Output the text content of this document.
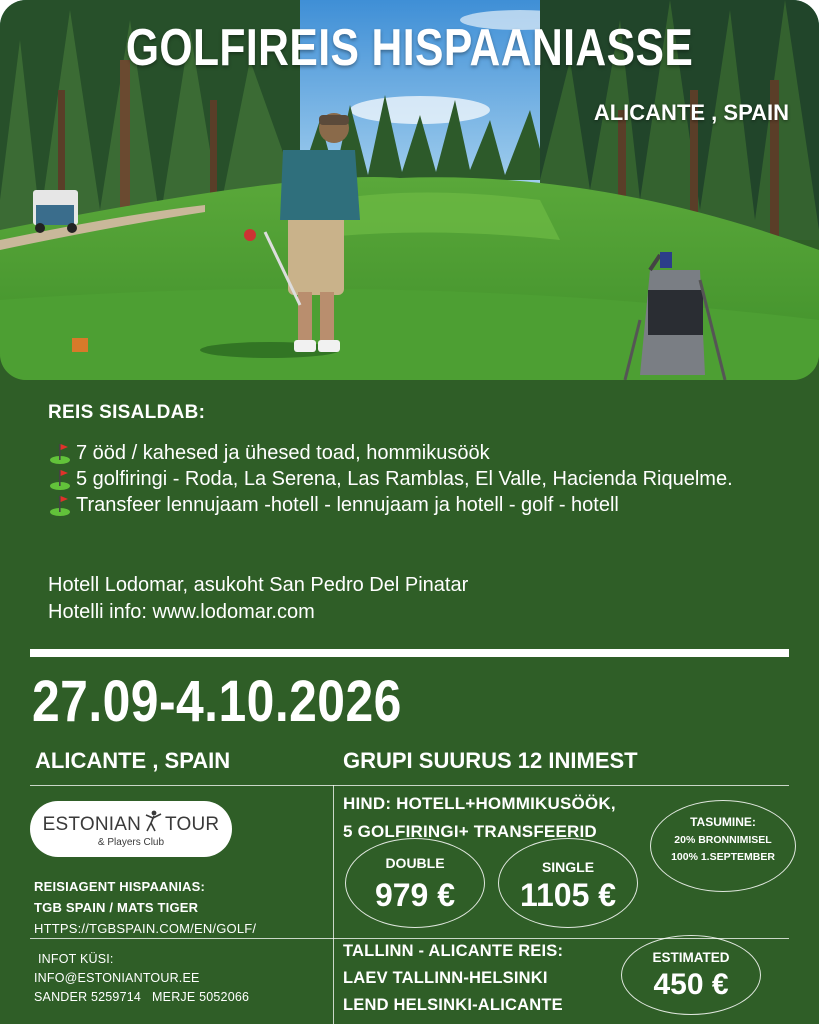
GOLFIREIS HISPAANIASSE
ALICANTE , SPAIN
REIS SISALDAB:
7 ööd / kahesed ja ühesed toad, hommikusöök
5 golfiringi - Roda, La Serena, Las Ramblas, El Valle, Hacienda Riquelme.
Transfeer lennujaam -hotell - lennujaam ja hotell - golf - hotell
Hotell Lodomar, asukoht San Pedro Del Pinatar
Hotelli info: www.lodomar.com
27.09-4.10.2026
ALICANTE , SPAIN	GRUPI SUURUS 12 INIMEST
ESTONIAN TOUR
& Players Club
REISIAGENT HISPAANIAS:
TGB SPAIN / MATS TIGER
HTTPS://TGBSPAIN.COM/EN/GOLF/
INFOT KÜSI:
INFO@ESTONIANTOUR.EE
SANDER 5259714   MERJE 5052066
HIND: HOTELL+HOMMIKUSÖÖK,
5 GOLFIRINGI+ TRANSFEERID
DOUBLE
979 €
SINGLE
1105 €
TASUMINE:
20% BRONNIMISEL
100% 1.SEPTEMBER
TALLINN - ALICANTE REIS:
LAEV TALLINN-HELSINKI
LEND HELSINKI-ALICANTE
ESTIMATED
450 €
